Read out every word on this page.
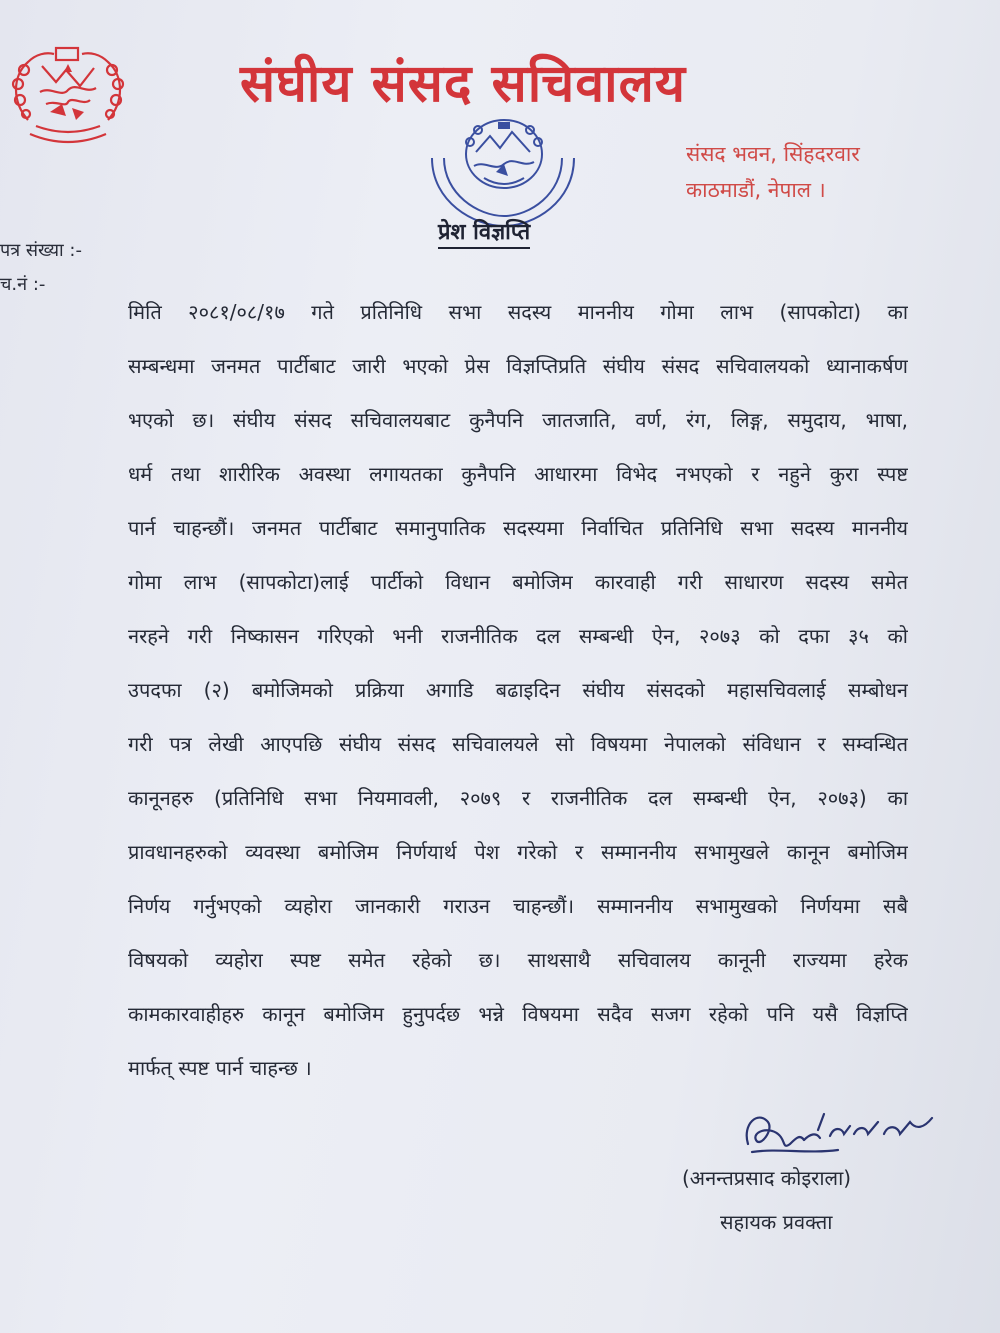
संघीय संसद सचिवालय
संसद भवन, सिंहदरवार
काठमाडौं, नेपाल ।
प्रेश विज्ञप्ति
पत्र संख्या :-
च.नं :-
मिति २०८१/०८/१७ गते प्रतिनिधि सभा सदस्य माननीय गोमा लाभ (सापकोटा) का
सम्बन्धमा जनमत पार्टीबाट जारी भएको प्रेस विज्ञप्तिप्रति संघीय संसद सचिवालयको ध्यानाकर्षण
भएको छ। संघीय संसद सचिवालयबाट कुनैपनि जातजाति, वर्ण, रंग, लिङ्ग, समुदाय, भाषा,
धर्म तथा शारीरिक अवस्था लगायतका कुनैपनि आधारमा विभेद नभएको र नहुने कुरा स्पष्ट
पार्न चाहन्छौं। जनमत पार्टीबाट समानुपातिक सदस्यमा निर्वाचित प्रतिनिधि सभा सदस्य माननीय
गोमा लाभ (सापकोटा)लाई पार्टीको विधान बमोजिम कारवाही गरी साधारण सदस्य समेत
नरहने गरी निष्कासन गरिएको भनी राजनीतिक दल सम्बन्धी ऐन, २०७३ को दफा ३५ को
उपदफा (२) बमोजिमको प्रक्रिया अगाडि बढाइदिन संघीय संसदको महासचिवलाई सम्बोधन
गरी पत्र लेखी आएपछि संघीय संसद सचिवालयले सो विषयमा नेपालको संविधान र सम्वन्धित
कानूनहरु (प्रतिनिधि सभा नियमावली, २०७९ र राजनीतिक दल सम्बन्धी ऐन, २०७३) का
प्रावधानहरुको व्यवस्था बमोजिम निर्णयार्थ पेश गरेको र सम्माननीय सभामुखले कानून बमोजिम
निर्णय गर्नुभएको व्यहोरा जानकारी गराउन चाहन्छौं। सम्माननीय सभामुखको निर्णयमा सबै
विषयको व्यहोरा स्पष्ट समेत रहेको छ। साथसाथै सचिवालय कानूनी राज्यमा हरेक
कामकारवाहीहरु कानून बमोजिम हुनुपर्दछ भन्ने विषयमा सदैव सजग रहेको पनि यसै विज्ञप्ति
मार्फत् स्पष्ट पार्न चाहन्छ ।
(अनन्तप्रसाद कोइराला)
सहायक प्रवक्ता
